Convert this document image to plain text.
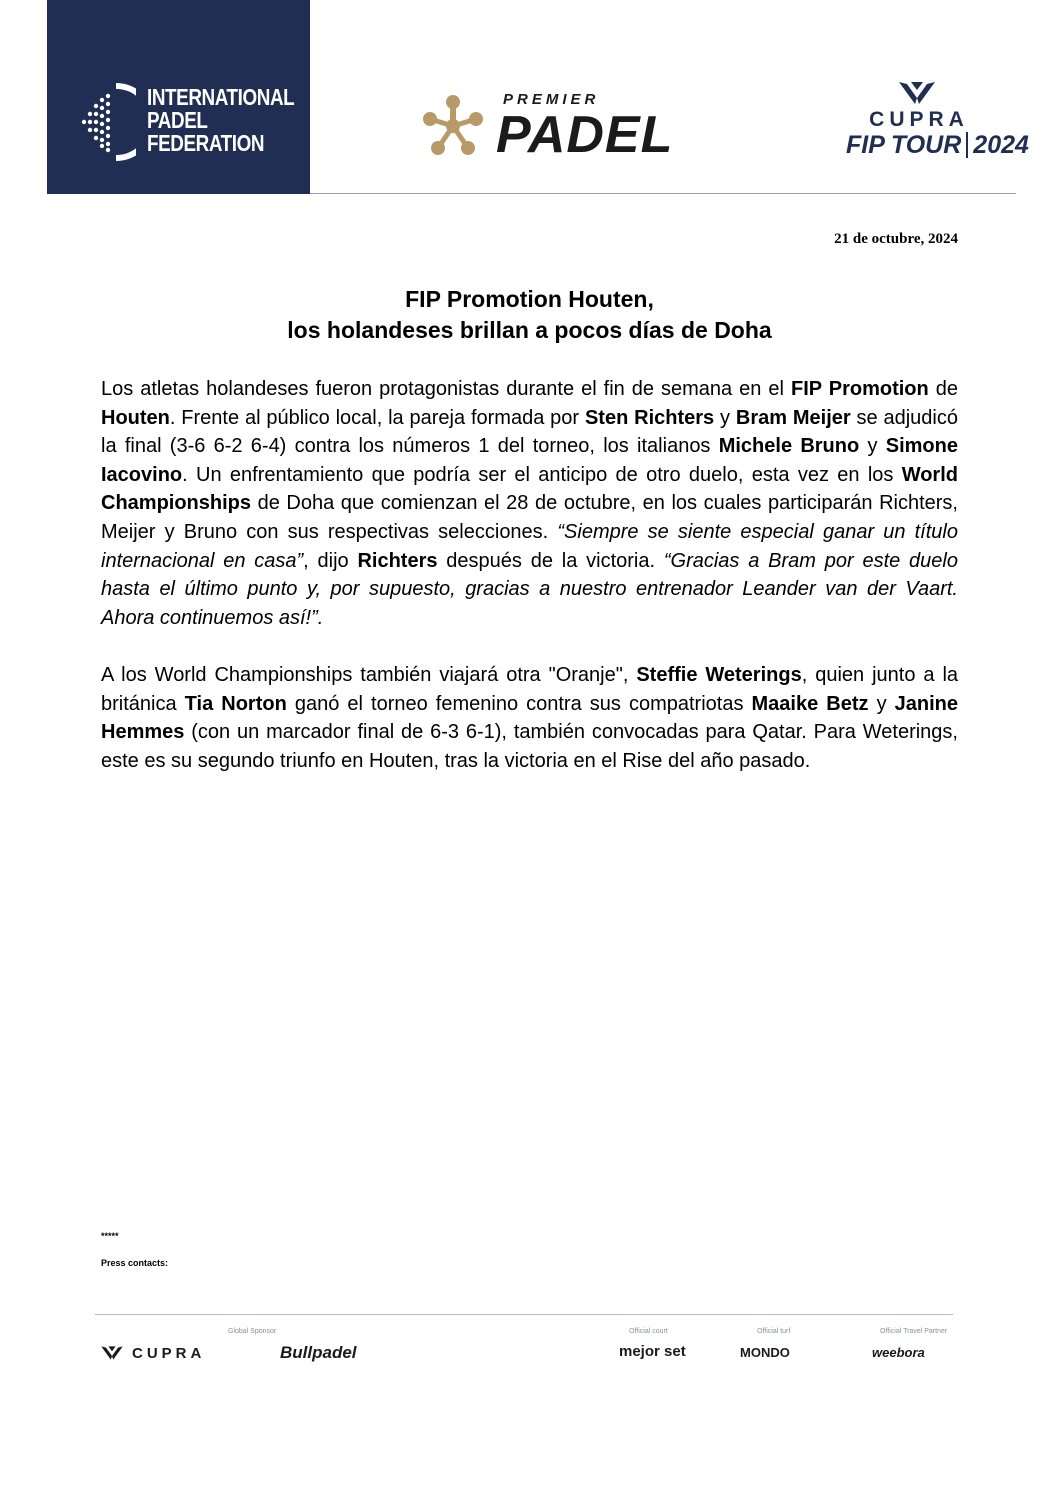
INTERNATIONAL
PADEL
FEDERATION
PREMIER
PADEL	CUPRA
FIP TOUR 2024
21 de octubre, 2024
FIP Promotion Houten,
los holandeses brillan a pocos días de Doha

Los atletas holandeses fueron protagonistas durante el fin de semana en el FIP Promotion de Houten. Frente al público local, la pareja formada por Sten Richters y Bram Meijer se adjudicó la final (3-6 6-2 6-4) contra los números 1 del torneo, los italianos Michele Bruno y Simone Iacovino. Un enfrentamiento que podría ser el anticipo de otro duelo, esta vez en los World Championships de Doha que comienzan el 28 de octubre, en los cuales participarán Richters, Meijer y Bruno con sus respectivas selecciones. “Siempre se siente especial ganar un título internacional en casa”, dijo Richters después de la victoria. “Gracias a Bram por este duelo hasta el último punto y, por supuesto, gracias a nuestro entrenador Leander van der Vaart. Ahora continuemos así!”.

A los World Championships también viajará otra "Oranje", Steffie Weterings, quien junto a la británica Tia Norton ganó el torneo femenino contra sus compatriotas Maaike Betz y Janine Hemmes (con un marcador final de 6-3 6-1), también convocadas para Qatar. Para Weterings, este es su segundo triunfo en Houten, tras la victoria en el Rise del año pasado.

*****
Press contacts:
Global Sponsor	Official court	Official turf	Official Travel Partner
CUPRA	Bullpadel	mejor set	MONDO	weebora
